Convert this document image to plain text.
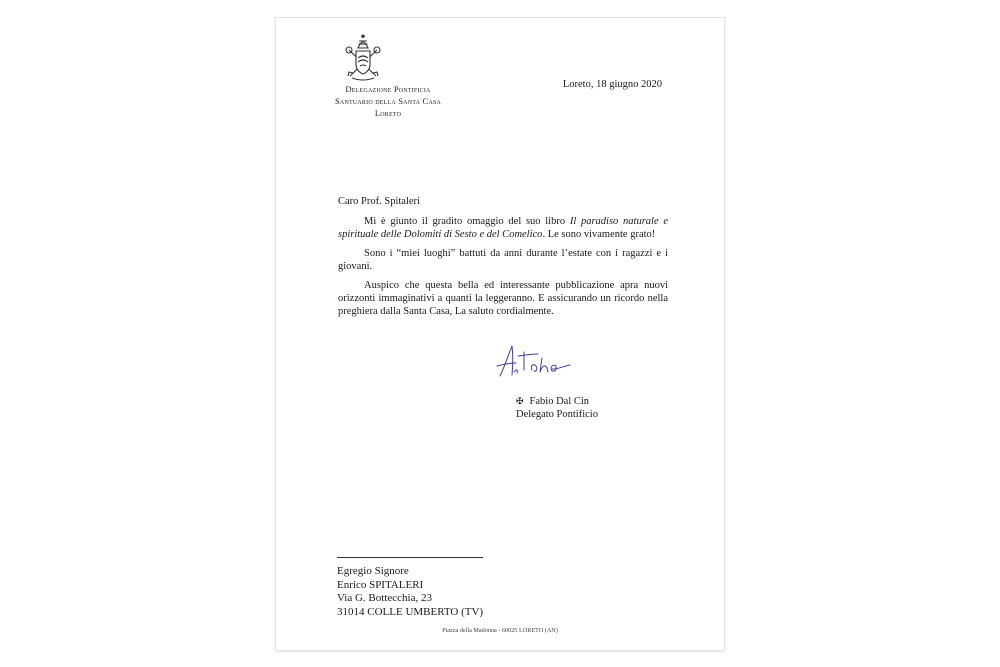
Delegazione Pontificia
Santuario della Santa Casa
Loreto
Loreto, 18 giugno 2020
Caro Prof. Spitaleri

Mi è giunto il gradito omaggio del suo libro Il paradiso naturale e spirituale delle Dolomiti di Sesto e del Comelico. Le sono vivamente grato!

Sono i “miei luoghi” battuti da anni durante l’estate con i ragazzi e i giovani.

Auspico che questa bella ed interessante pubblicazione apra nuovi orizzonti immaginativi a quanti la leggeranno. E assicurando un ricordo nella preghiera dalla Santa Casa, La saluto cordialmente.

✠ Fabio Dal Cin
Delegato Pontificio
Egregio Signore
Enrico SPITALERI
Via G. Bottecchia, 23
31014 COLLE UMBERTO (TV)
Piazza della Madonna - 60025 LORETO (AN)
